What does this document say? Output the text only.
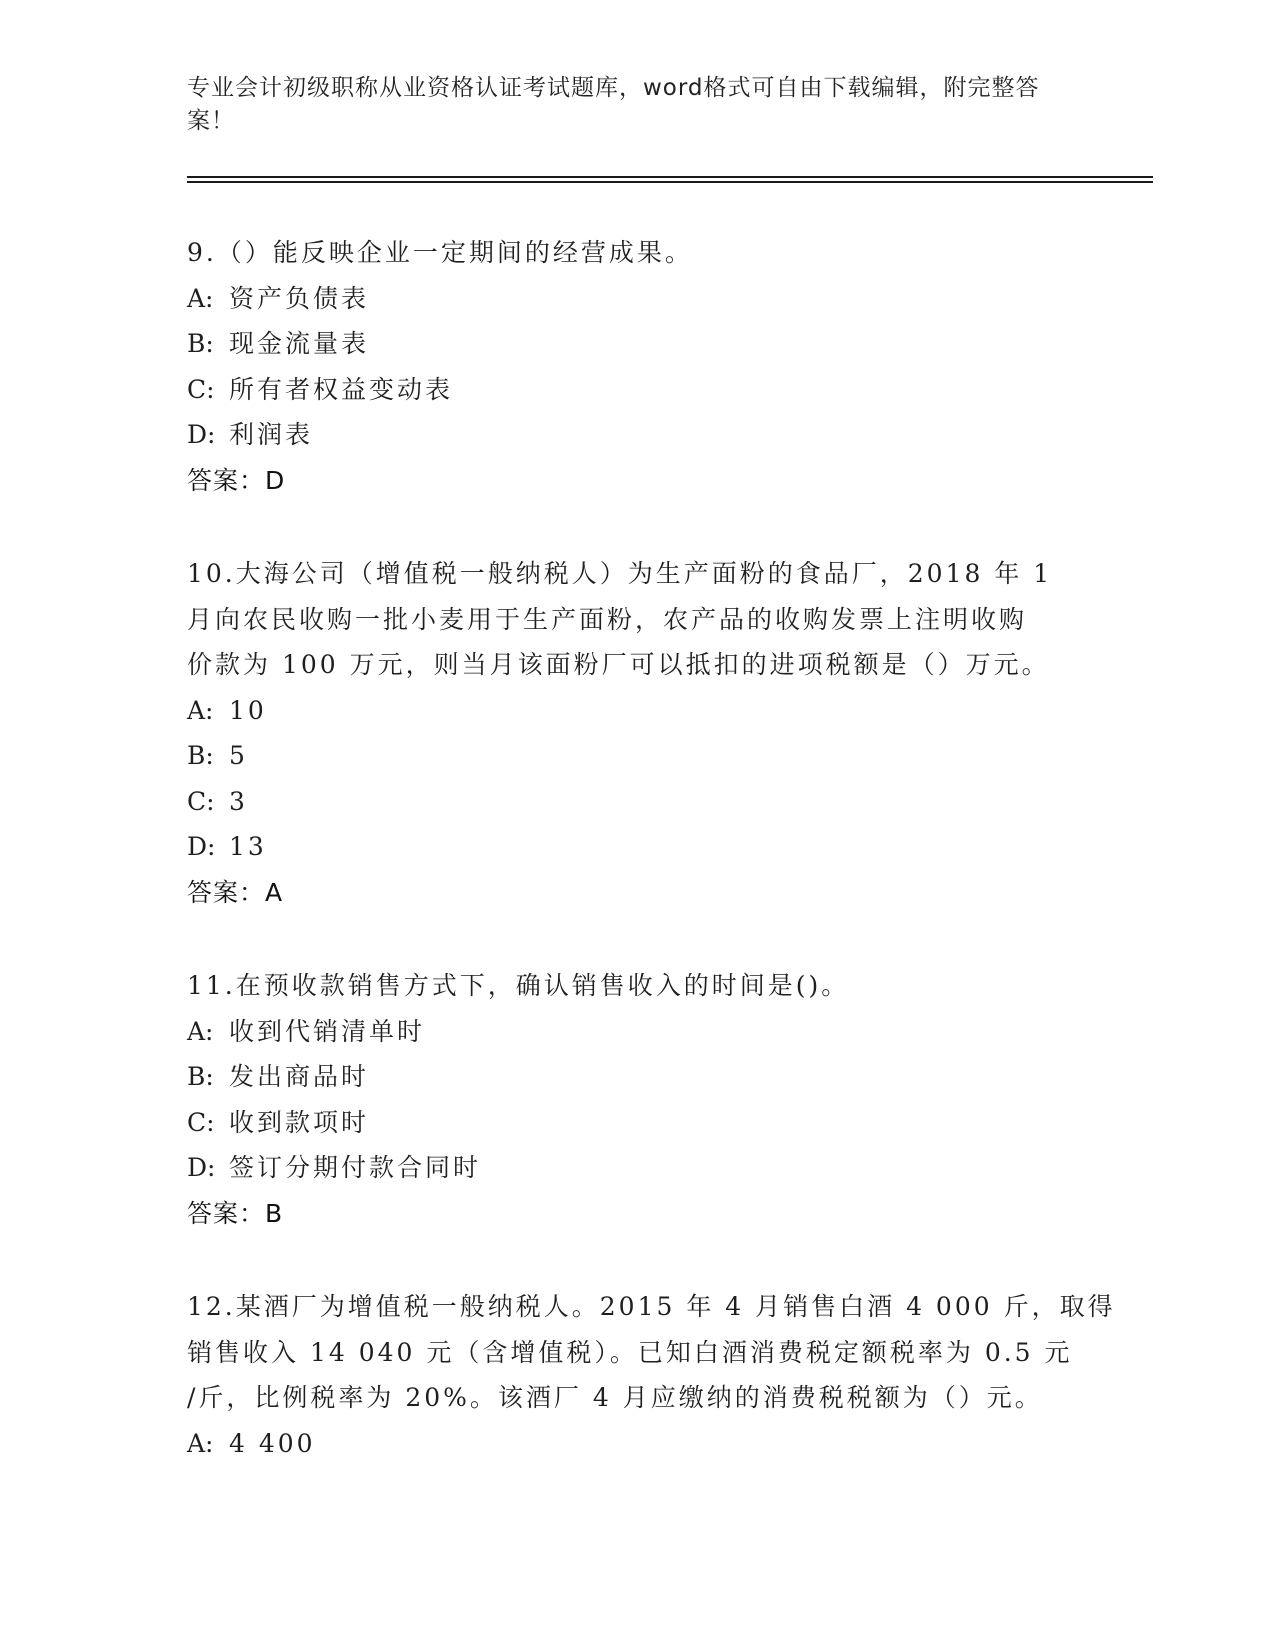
专业会计初级职称从业资格认证考试题库，word格式可自由下载编辑，附完整答
案！
9.（）能反映企业一定期间的经营成果。
A: 资产负债表
B: 现金流量表
C: 所有者权益变动表
D: 利润表
答案：D
10.大海公司（增值税一般纳税人）为生产面粉的食品厂，2018 年 1
月向农民收购一批小麦用于生产面粉，农产品的收购发票上注明收购
价款为 100 万元，则当月该面粉厂可以抵扣的进项税额是（）万元。
A: 10
B: 5
C: 3
D: 13
答案：A
11.在预收款销售方式下，确认销售收入的时间是()。
A: 收到代销清单时
B: 发出商品时
C: 收到款项时
D: 签订分期付款合同时
答案：B
12.某酒厂为增值税一般纳税人。2015 年 4 月销售白酒 4 000 斤，取得
销售收入 14 040 元（含增值税）。已知白酒消费税定额税率为 0.5 元
/斤，比例税率为 20%。该酒厂 4 月应缴纳的消费税税额为（）元。
A: 4 400
